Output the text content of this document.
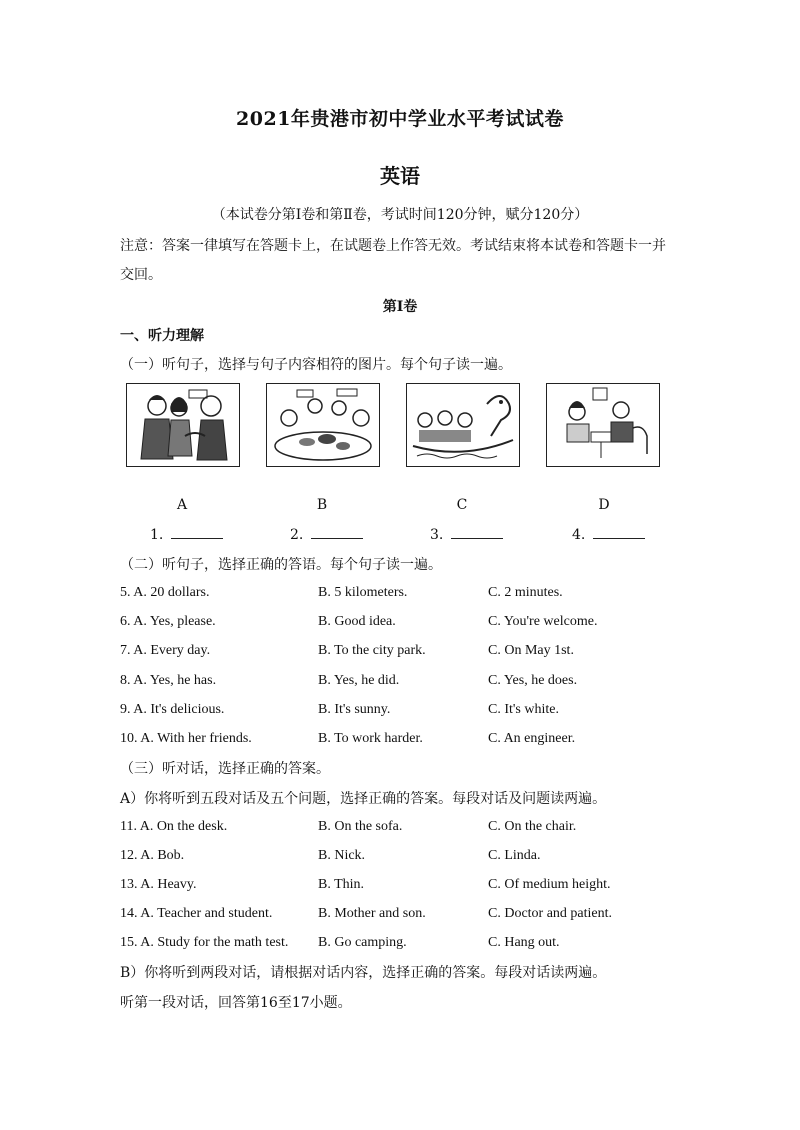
2021年贵港市初中学业水平考试试卷
英语
（本试卷分第Ⅰ卷和第Ⅱ卷，考试时间120分钟，赋分120分）
注意：答案一律填写在答题卡上，在试题卷上作答无效。考试结束将本试卷和答题卡一并
交回。
第Ⅰ卷
一、听力理解
（一）听句子，选择与句子内容相符的图片。每个句子读一遍。
A	B	C	D
1.	2.	3.	4.
（二）听句子，选择正确的答语。每个句子读一遍。
5. A. 20 dollars.	B. 5 kilometers.	C. 2 minutes.
6. A. Yes, please.	B. Good idea.	C. You're welcome.
7. A. Every day.	B. To the city park.	C. On May 1st.
8. A. Yes, he has.	B. Yes, he did.	C. Yes, he does.
9. A. It's delicious.	B. It's sunny.	C. It's white.
10. A. With her friends.	B. To work harder.	C. An engineer.
（三）听对话，选择正确的答案。
A）你将听到五段对话及五个问题，选择正确的答案。每段对话及问题读两遍。
11. A. On the desk.	B. On the sofa.	C. On the chair.
12. A. Bob.	B. Nick.	C. Linda.
13. A. Heavy.	B. Thin.	C. Of medium height.
14. A. Teacher and student.	B. Mother and son.	C. Doctor and patient.
15. A. Study for the math test. B. Go camping.	C. Hang out.
B）你将听到两段对话，请根据对话内容，选择正确的答案。每段对话读两遍。
听第一段对话，回答第16至17小题。
